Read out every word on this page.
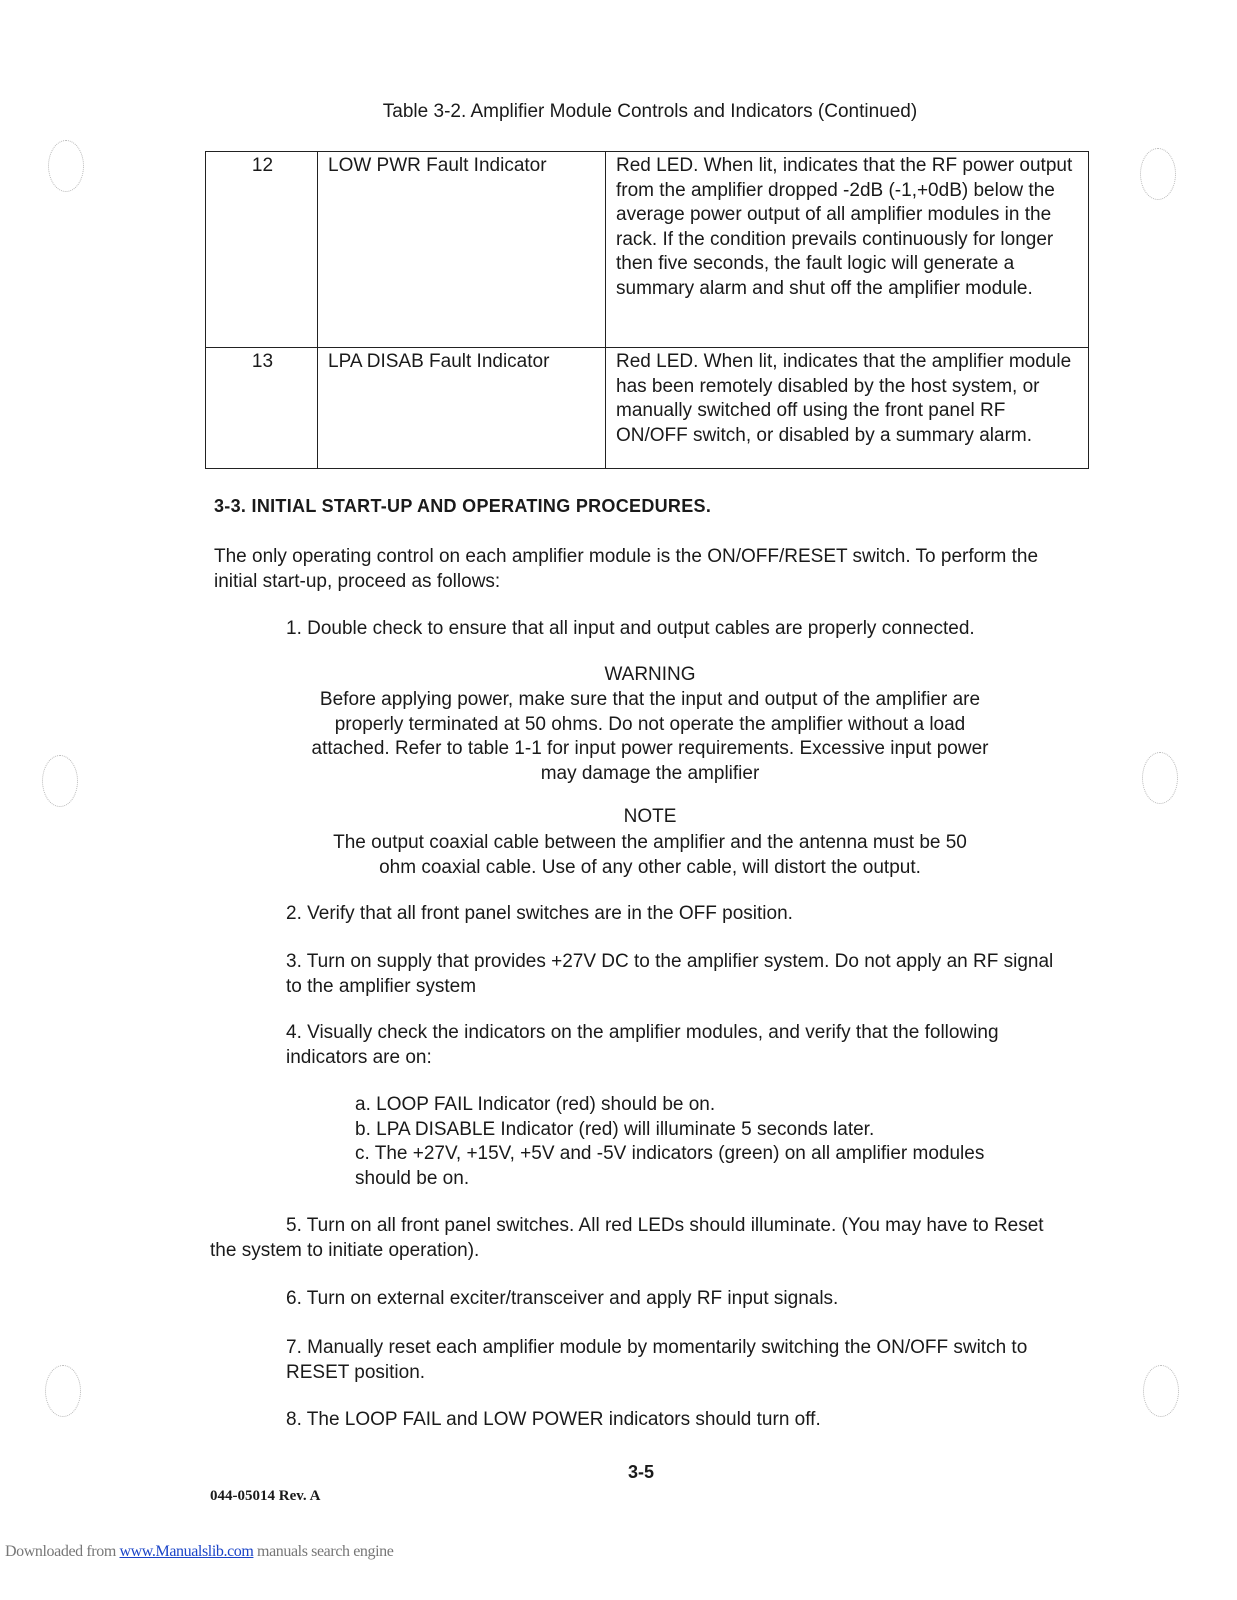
Table 3-2. Amplifier Module Controls and Indicators (Continued)
12	LOW PWR Fault Indicator	Red LED. When lit, indicates that the RF power output from the amplifier dropped -2dB (-1,+0dB) below the average power output of all amplifier modules in the rack. If the condition prevails continuously for longer then five seconds, the fault logic will generate a summary alarm and shut off the amplifier module.
13	LPA DISAB Fault Indicator	Red LED. When lit, indicates that the amplifier module has been remotely disabled by the host system, or manually switched off using the front panel RF ON/OFF switch, or disabled by a summary alarm.
3-3. INITIAL START-UP AND OPERATING PROCEDURES.
The only operating control on each amplifier module is the ON/OFF/RESET switch. To perform the initial start-up, proceed as follows:
1. Double check to ensure that all input and output cables are properly connected.
WARNING
Before applying power, make sure that the input and output of the amplifier are properly terminated at 50 ohms. Do not operate the amplifier without a load attached. Refer to table 1-1 for input power requirements. Excessive input power may damage the amplifier
NOTE
The output coaxial cable between the amplifier and the antenna must be 50 ohm coaxial cable. Use of any other cable, will distort the output.
2. Verify that all front panel switches are in the OFF position.
3. Turn on supply that provides +27V DC to the amplifier system. Do not apply an RF signal to the amplifier system
4. Visually check the indicators on the amplifier modules, and verify that the following indicators are on:
a. LOOP FAIL Indicator (red) should be on.
b. LPA DISABLE Indicator (red) will illuminate 5 seconds later.
c. The +27V, +15V, +5V and -5V indicators (green) on all amplifier modules should be on.
5. Turn on all front panel switches. All red LEDs should illuminate. (You may have to Reset the system to initiate operation).
6. Turn on external exciter/transceiver and apply RF input signals.
7. Manually reset each amplifier module by momentarily switching the ON/OFF switch to RESET position.
8. The LOOP FAIL and LOW POWER indicators should turn off.
3-5
044-05014 Rev. A
Downloaded from www.Manualslib.com manuals search engine
